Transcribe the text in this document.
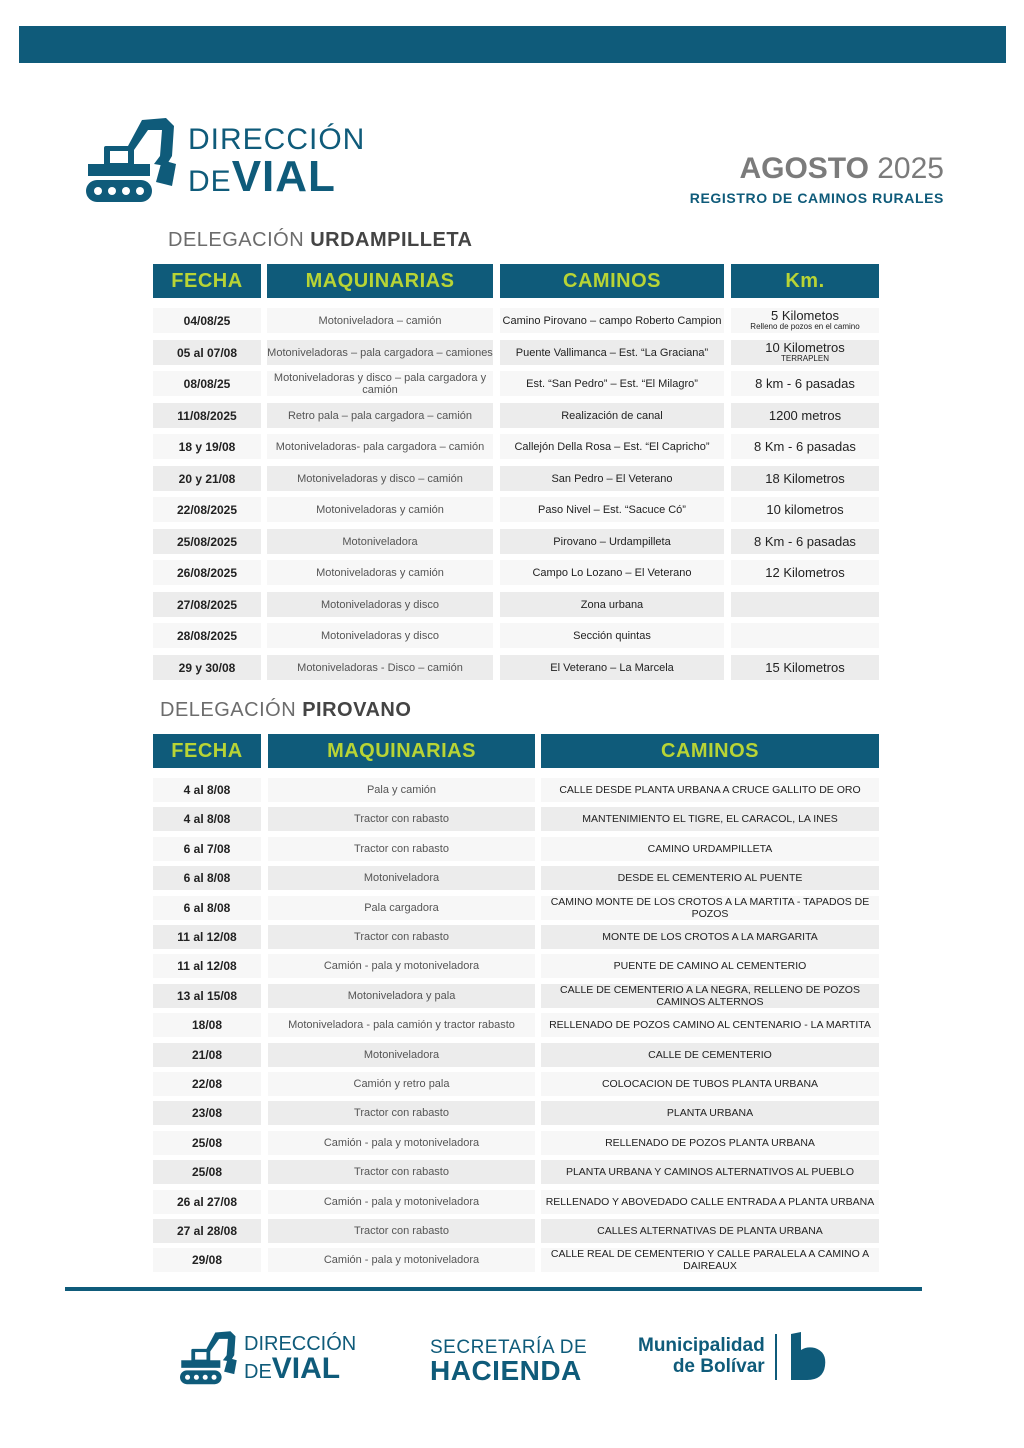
DIRECCIÓN
DEVIAL	AGOSTO 2025
REGISTRO DE CAMINOS RURALES
DELEGACIÓN URDAMPILLETA
FECHA	MAQUINARIAS	CAMINOS	Km.
04/08/25	Motoniveladora – camión	Camino Pirovano – campo Roberto Campion	5 Kilometos
Relleno de pozos en el camino
05 al 07/08	Motoniveladoras – pala cargadora – camiones	Puente Vallimanca – Est. “La Graciana”	10 Kilometros
TERRAPLEN
08/08/25	Motoniveladoras y disco – pala cargadora y camión	Est. “San Pedro” – Est. “El Milagro”	8 km - 6 pasadas
11/08/2025	Retro pala – pala cargadora – camión	Realización de canal	1200 metros
18 y 19/08	Motoniveladoras- pala cargadora – camión	Callejón Della Rosa – Est. “El Capricho”	8 Km - 6 pasadas
20 y 21/08	Motoniveladoras y disco – camión	San Pedro – El Veterano	18 Kilometros
22/08/2025	Motoniveladoras y camión	Paso Nivel – Est. “Sacuce Có”	10 kilometros
25/08/2025	Motoniveladora	Pirovano – Urdampilleta	8 Km - 6 pasadas
26/08/2025	Motoniveladoras y camión	Campo Lo Lozano – El Veterano	12 Kilometros
27/08/2025	Motoniveladoras y disco	Zona urbana
28/08/2025	Motoniveladoras y disco	Sección quintas
29 y 30/08	Motoniveladoras - Disco – camión	El Veterano – La Marcela	15 Kilometros
DELEGACIÓN PIROVANO
FECHA	MAQUINARIAS	CAMINOS
4 al 8/08	Pala y camión	CALLE DESDE PLANTA URBANA A CRUCE GALLITO DE ORO
4 al 8/08	Tractor con rabasto	MANTENIMIENTO EL TIGRE, EL CARACOL, LA INES
6 al 7/08	Tractor con rabasto	CAMINO URDAMPILLETA
6 al 8/08	Motoniveladora	DESDE EL CEMENTERIO AL PUENTE
6 al 8/08	Pala cargadora	CAMINO MONTE DE LOS CROTOS A LA MARTITA - TAPADOS DE POZOS
11 al 12/08	Tractor con rabasto	MONTE DE LOS CROTOS A LA MARGARITA
11 al 12/08	Camión - pala y motoniveladora	PUENTE DE CAMINO AL CEMENTERIO
13 al 15/08	Motoniveladora y pala	CALLE DE CEMENTERIO A LA NEGRA, RELLENO DE POZOS CAMINOS ALTERNOS
18/08	Motoniveladora - pala camión y tractor rabasto	RELLENADO DE POZOS CAMINO AL CENTENARIO - LA MARTITA
21/08	Motoniveladora	CALLE DE CEMENTERIO
22/08	Camión y retro pala	COLOCACION DE TUBOS PLANTA URBANA
23/08	Tractor con rabasto	PLANTA URBANA
25/08	Camión - pala y motoniveladora	RELLENADO DE POZOS PLANTA URBANA
25/08	Tractor con rabasto	PLANTA URBANA Y CAMINOS ALTERNATIVOS AL PUEBLO
26 al 27/08	Camión - pala y motoniveladora	RELLENADO Y ABOVEDADO CALLE ENTRADA A PLANTA URBANA
27 al 28/08	Tractor con rabasto	CALLES ALTERNATIVAS DE PLANTA URBANA
29/08	Camión - pala y motoniveladora	CALLE REAL DE CEMENTERIO Y CALLE PARALELA A CAMINO A DAIREAUX
DIRECCIÓN
DEVIAL
SECRETARÍA DE
HACIENDA
Municipalidad
de Bolívar
